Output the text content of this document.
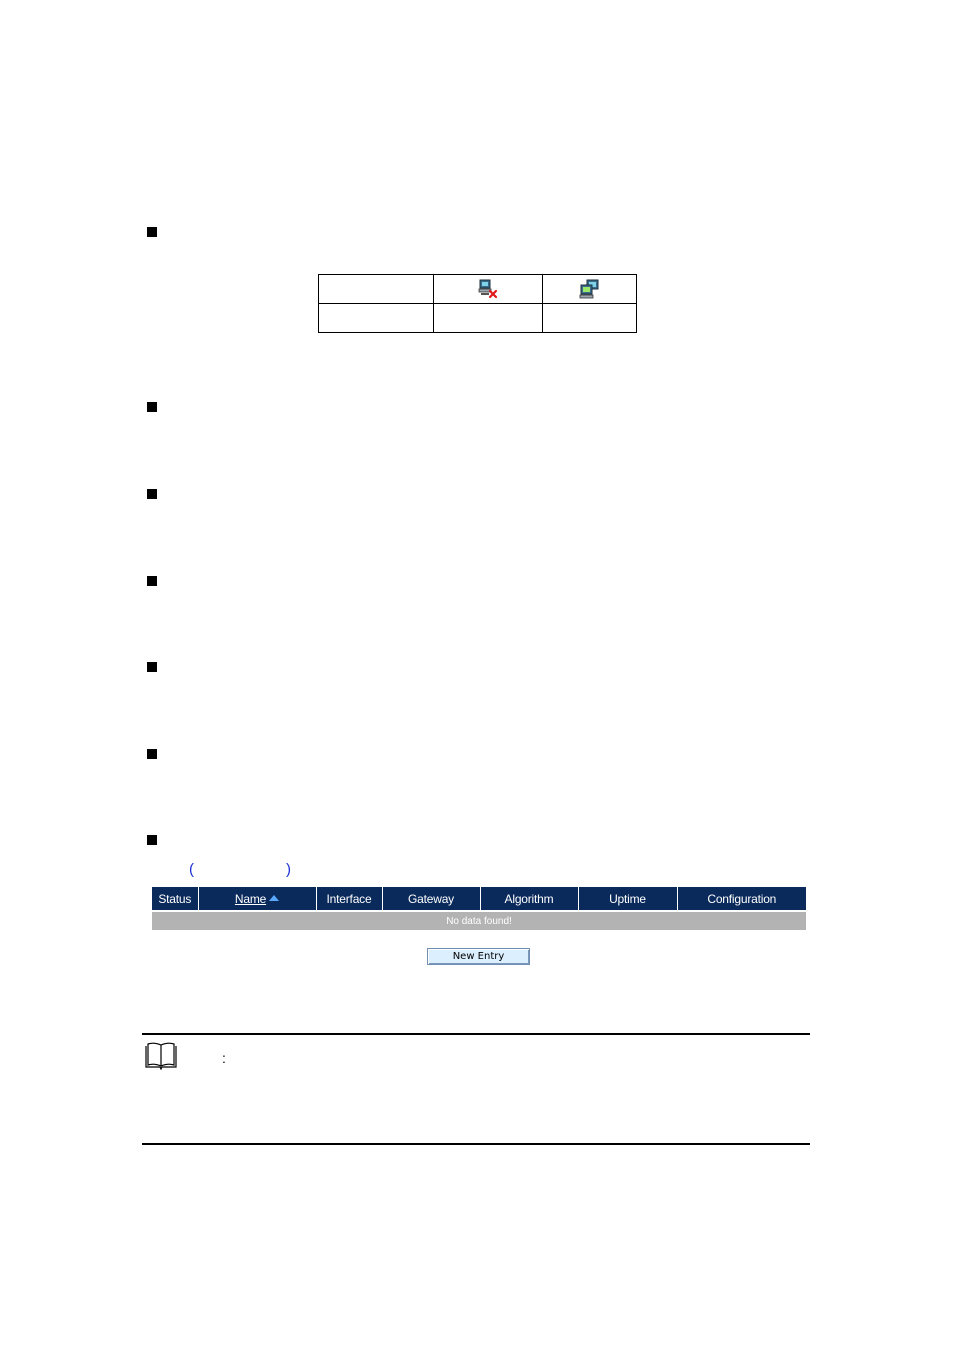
(	)
Status	Name	Interface	Gateway	Algorithm	Uptime	Configuration
No data found!
New Entry
:
